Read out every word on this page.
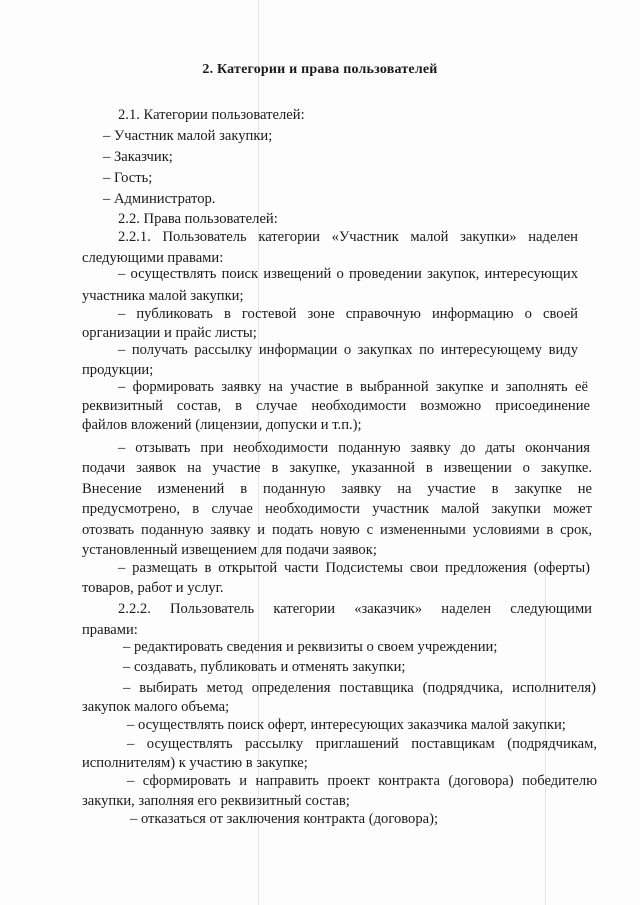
2. Категории и права пользователей
2.1. Категории пользователей:
– Участник малой закупки;
– Заказчик;
– Гость;
– Администратор.
2.2. Права пользователей:
2.2.1. Пользователь категории «Участник малой закупки» наделен
следующими правами:
– осуществлять поиск извещений о проведении закупок, интересующих
участника малой закупки;
– публиковать в гостевой зоне справочную информацию о своей
организации и прайс листы;
– получать рассылку информации о закупках по интересующему виду
продукции;
– формировать заявку на участие в выбранной закупке и заполнять её
реквизитный состав, в случае необходимости возможно присоединение
файлов вложений (лицензии, допуски и т.п.);
– отзывать при необходимости поданную заявку до даты окончания
подачи заявок на участие в закупке, указанной в извещении о закупке.
Внесение изменений в поданную заявку на участие в закупке не
предусмотрено, в случае необходимости участник малой закупки может
отозвать поданную заявку и подать новую с измененными условиями в срок,
установленный извещением для подачи заявок;
– размещать в открытой части Подсистемы свои предложения (оферты)
товаров, работ и услуг.
2.2.2. Пользователь категории «заказчик» наделен следующими
правами:
– редактировать сведения и реквизиты о своем учреждении;
– создавать, публиковать и отменять закупки;
– выбирать метод определения поставщика (подрядчика, исполнителя)
закупок малого объема;
– осуществлять поиск оферт, интересующих заказчика малой закупки;
– осуществлять рассылку приглашений поставщикам (подрядчикам,
исполнителям) к участию в закупке;
– сформировать и направить проект контракта (договора) победителю
закупки, заполняя его реквизитный состав;
– отказаться от заключения контракта (договора);
